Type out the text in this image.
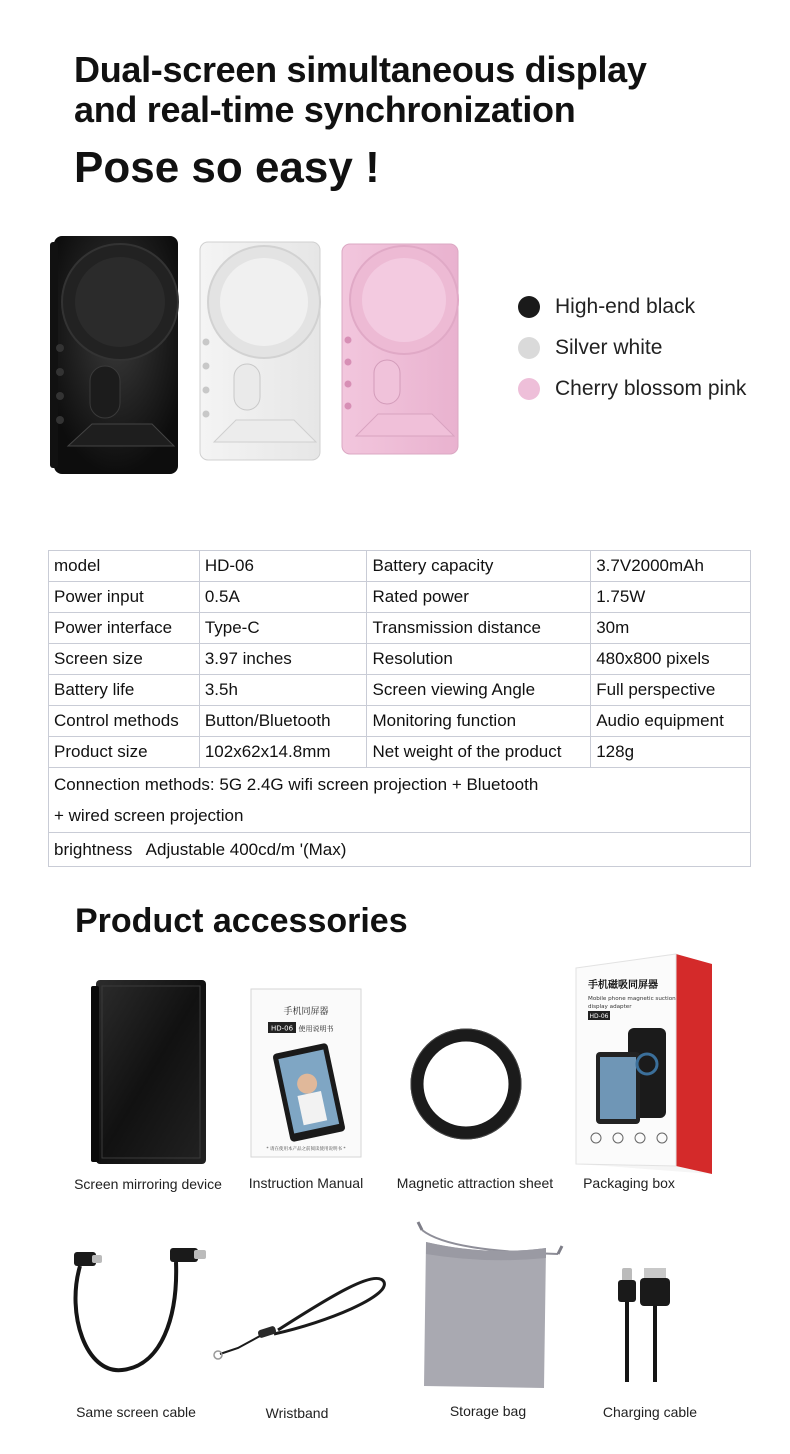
Dual-screen simultaneous display
and real-time synchronization
Pose so easy !
High-end black
Silver white
Cherry blossom pink
model	HD-06	Battery capacity	3.7V2000mAh
Power input	0.5A	Rated power	1.75W
Power interface	Type-C	Transmission distance	30m
Screen size	3.97 inches	Resolution	480x800 pixels
Battery life	3.5h	Screen viewing Angle	Full perspective
Control methods	Button/Bluetooth	Monitoring function	Audio equipment
Product size	102x62x14.8mm	Net weight of the product	128g

Connection methods: 5G 2.4G wifi screen projection + Bluetooth
+ wired screen projection			

brightness   Adjustable 400cd/m '(Max)			
Product accessories
Screen mirroring device
手机同屏器
HD-06 使用说明书
* 请在使用本产品之前阅读使用说明书 *
Instruction Manual	Magnetic attraction sheet
手机磁吸同屏器
Mobile phone magnetic suction
display adapter
HD-06
Packaging box
Same screen cable	Wristband	Storage bag	Charging cable
